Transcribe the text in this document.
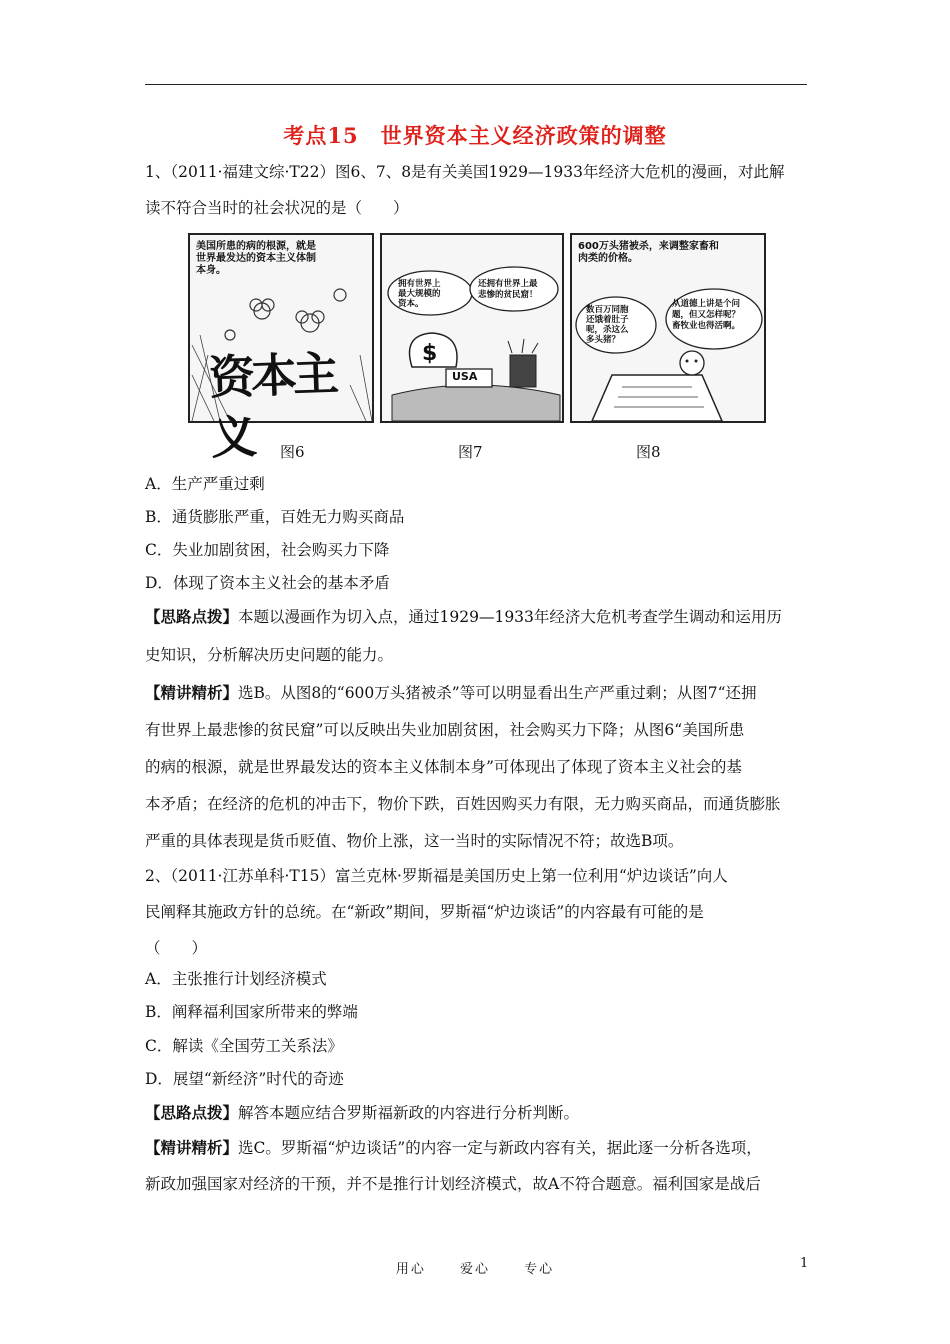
考点15　世界资本主义经济政策的调整
1、（2011·福建文综·T22）图6、7、8是有关美国1929—1933年经济大危机的漫画，对此解
读不符合当时的社会状况的是（　　）
美国所患的病的根源，就是
世界最发达的资本主义体制
本身。
资本主义
$
拥有世界上
最大规模的
资本。
还拥有世界上最
悲惨的贫民窟！
USA
600万头猪被杀，来调整家畜和
肉类的价格。
数百万同胞
还饿着肚子
呢，杀这么
多头猪？
从道德上讲是个问
题，但又怎样呢？
畜牧业也得活啊。
图6	图7	图8
A．生产严重过剩
B．通货膨胀严重，百姓无力购买商品
C．失业加剧贫困，社会购买力下降
D．体现了资本主义社会的基本矛盾
【思路点拨】本题以漫画作为切入点，通过1929—1933年经济大危机考查学生调动和运用历
史知识，分析解决历史问题的能力。
【精讲精析】选B。从图8的“600万头猪被杀”等可以明显看出生产严重过剩；从图7“还拥
有世界上最悲惨的贫民窟”可以反映出失业加剧贫困，社会购买力下降；从图6“美国所患
的病的根源，就是世界最发达的资本主义体制本身”可体现出了体现了资本主义社会的基
本矛盾；在经济的危机的冲击下，物价下跌，百姓因购买力有限，无力购买商品，而通货膨胀
严重的具体表现是货币贬值、物价上涨，这一当时的实际情况不符；故选B项。
2、（2011·江苏单科·T15）富兰克林·罗斯福是美国历史上第一位利用“炉边谈话”向人
民阐释其施政方针的总统。在“新政”期间，罗斯福“炉边谈话”的内容最有可能的是
（　　）
A．主张推行计划经济模式
B．阐释福利国家所带来的弊端
C．解读《全国劳工关系法》
D．展望“新经济”时代的奇迹
【思路点拨】解答本题应结合罗斯福新政的内容进行分析判断。
【精讲精析】选C。罗斯福“炉边谈话”的内容一定与新政内容有关，据此逐一分析各选项，
新政加强国家对经济的干预，并不是推行计划经济模式，故A不符合题意。福利国家是战后
用心	爱心	专心	1
